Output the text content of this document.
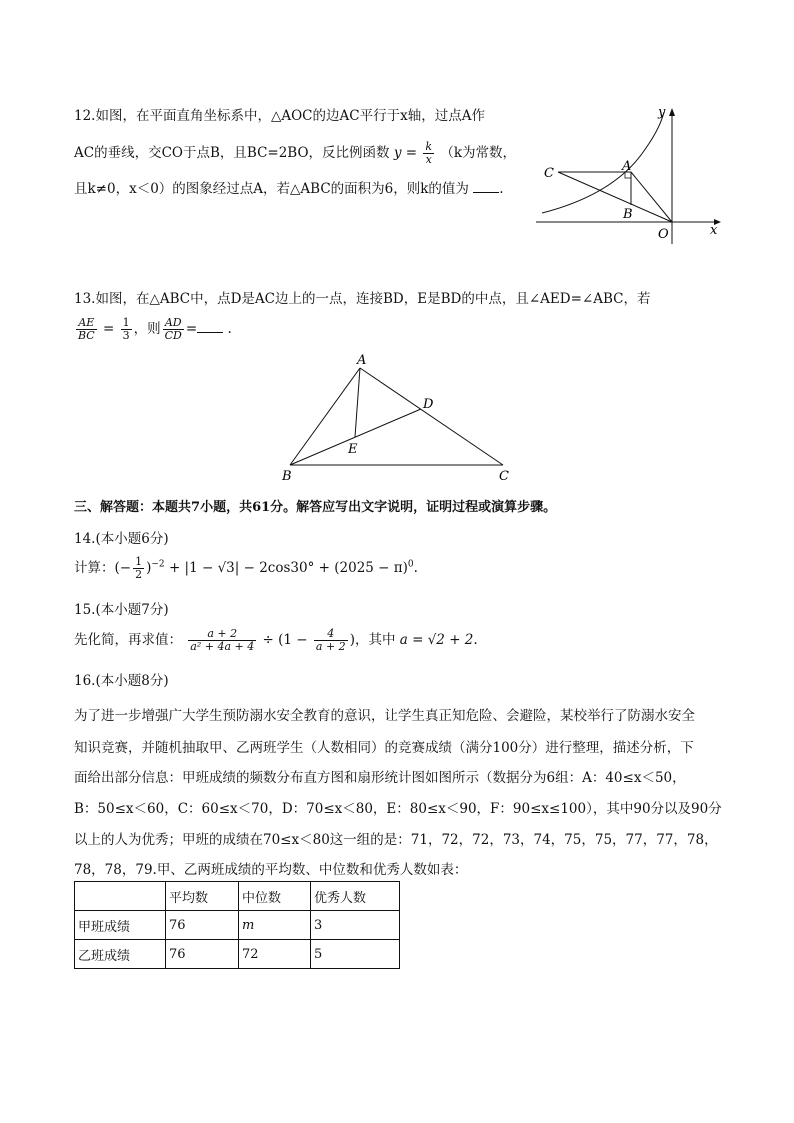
12.如图，在平面直角坐标系中，△AOC的边AC平行于x轴，过点A作
AC的垂线，交CO于点B，且BC=2BO，反比例函数 $y = \frac{k}{x} (k$为常数，
且k≠0，x＜0）的图象经过点A，若△ABC的面积为6，则k的值为 .
y
x
O
A
B
C
13.如图，在△ABC中，点D是AC边上的一点，连接BD，E是BD的中点，且∠AED=∠ABC，若
$\frac{AE}{BC} = \frac{1}{3}$ ，则 $\frac{AD}{CD}$ = .
A
B	C
D
E
三、解答题：本题共7小题，共61分。解答应写出文字说明，证明过程或演算步骤。
14.(本小题6分)
计算：(− $\frac{1}{2} )^{-2} + |1 - √3| - 2\cos 30^\circ + (2025 - \pi)^0$.
15.(本小题7分)
先化简，再求值： $\frac{a + 2}{\text{a² + 4a + 4}} \div (1 - \frac{4}{a + 2}$ )，其中 a = √2 + 2.
16.(本小题8分)
为了进一步增强广大学生预防溺水安全教育的意识，让学生真正知危险、会避险，某校举行了防溺水安全
知识竞赛，并随机抽取甲、乙两班学生（人数相同）的竞赛成绩（满分100分）进行整理，描述分析，下
面给出部分信息：甲班成绩的频数分布直方图和扇形统计图如图所示（数据分为6组：A：40≤x＜50，
B：50≤x＜60，C：60≤x＜70，D：70≤x＜80，E：80≤x＜90，F：90≤x≤100），其中90分以及90分
以上的人为优秀；甲班的成绩在70≤x＜80这一组的是：71，72，72，73，74，75，75，77，77，78，
78，78，79.甲、乙两班成绩的平均数、中位数和优秀人数如表：
	平均数	中位数	优秀人数
甲班成绩	76	m	3
乙班成绩	76	72	5
